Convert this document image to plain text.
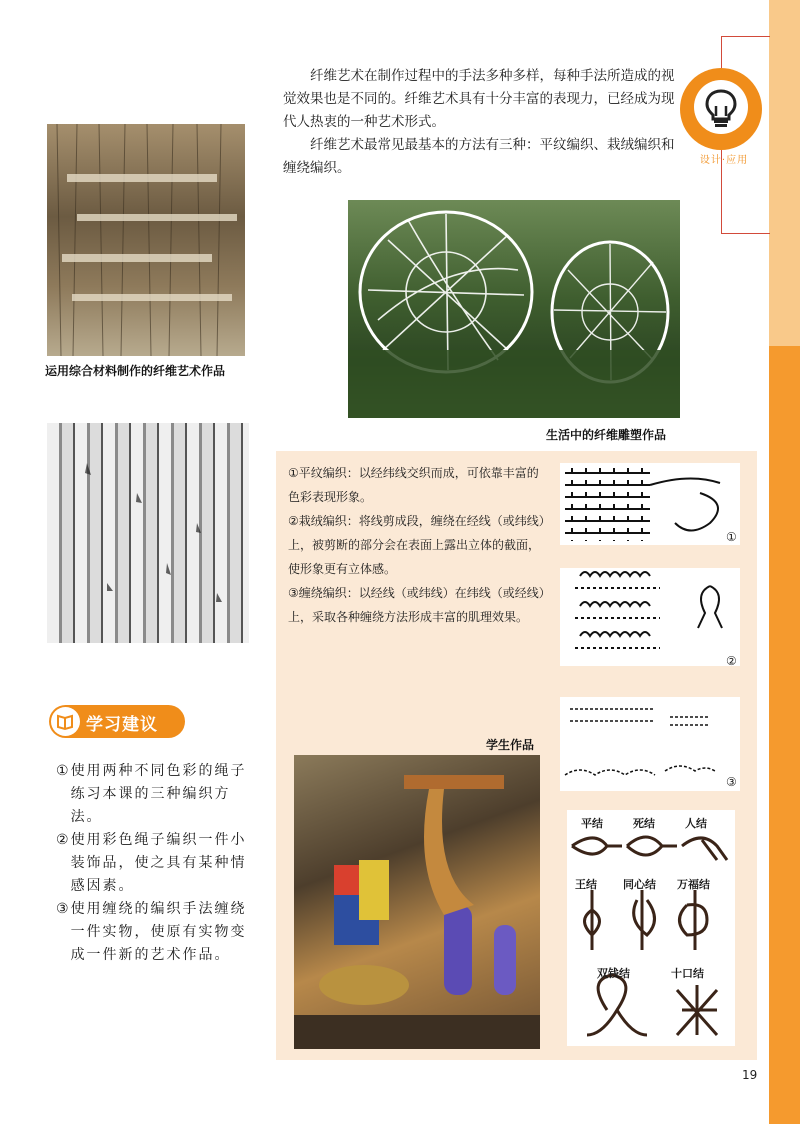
设计·应用

纤维艺术在制作过程中的手法多种多样，每种手法所造成的视觉效果也是不同的。纤维艺术具有十分丰富的表现力，已经成为现代人热衷的一种艺术形式。

纤维艺术最常见最基本的方法有三种：平纹编织、栽绒编织和缠绕编织。

运用综合材料制作的纤维艺术作品
生活中的纤维雕塑作品
①平纹编织：以经纬线交织而成，可依靠丰富的色彩表现形象。
②栽绒编织：将线剪成段，缠绕在经线（或纬线）上，被剪断的部分会在表面上露出立体的截面，使形象更有立体感。
③缠绕编织：以经线（或纬线）在纬线（或经线）上，采取各种缠绕方法形成丰富的肌理效果。
①
②
③
平结	死结	人结
王结 同心结 万福结
双钱结	十口结
学生作品
学习建议
① 使用两种不同色彩的绳子练习本课的三种编织方法。
② 使用彩色绳子编织一件小装饰品，使之具有某种情感因素。
③ 使用缠绕的编织手法缠绕一件实物，使原有实物变成一件新的艺术作品。
19
